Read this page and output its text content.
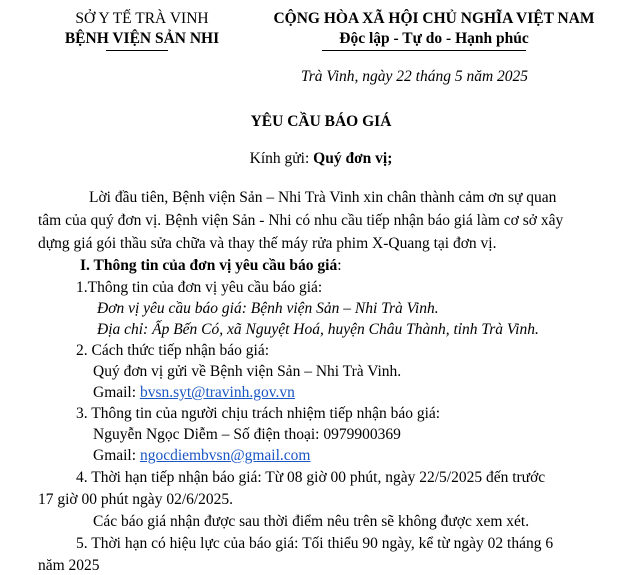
SỞ Y TẾ TRÀ VINH
BỆNH VIỆN SẢN NHI
CỘNG HÒA XÃ HỘI CHỦ NGHĨA VIỆT NAM
Độc lập - Tự do - Hạnh phúc
Trà Vinh, ngày 22 tháng 5 năm 2025
YÊU CẦU BÁO GIÁ
Kính gửi: Quý đơn vị;
Lời đầu tiên, Bệnh viện Sản – Nhi Trà Vinh xin chân thành cảm ơn sự quan
tâm của quý đơn vị. Bệnh viện Sản - Nhi có nhu cầu tiếp nhận báo giá làm cơ sở xây
dựng giá gói thầu sửa chữa và thay thế máy rửa phim X-Quang tại đơn vị.
I. Thông tin của đơn vị yêu cầu báo giá:
1.Thông tin của đơn vị yêu cầu báo giá:
Đơn vị yêu cầu báo giá: Bệnh viện Sản – Nhi Trà Vinh.
Địa chỉ: Ấp Bến Có, xã Nguyệt Hoá, huyện Châu Thành, tỉnh Trà Vinh.
2. Cách thức tiếp nhận báo giá:
Quý đơn vị gửi về Bệnh viện Sản – Nhi Trà Vinh.
Gmail: bvsn.syt@travinh.gov.vn
3. Thông tin của người chịu trách nhiệm tiếp nhận báo giá:
Nguyễn Ngọc Diễm – Số điện thoại: 0979900369
Gmail: ngocdiembvsn@gmail.com
4. Thời hạn tiếp nhận báo giá: Từ 08 giờ 00 phút, ngày 22/5/2025 đến trước
17 giờ 00 phút ngày 02/6/2025.
Các báo giá nhận được sau thời điểm nêu trên sẽ không được xem xét.
5. Thời hạn có hiệu lực của báo giá: Tối thiểu 90 ngày, kể từ ngày 02 tháng 6
năm 2025
